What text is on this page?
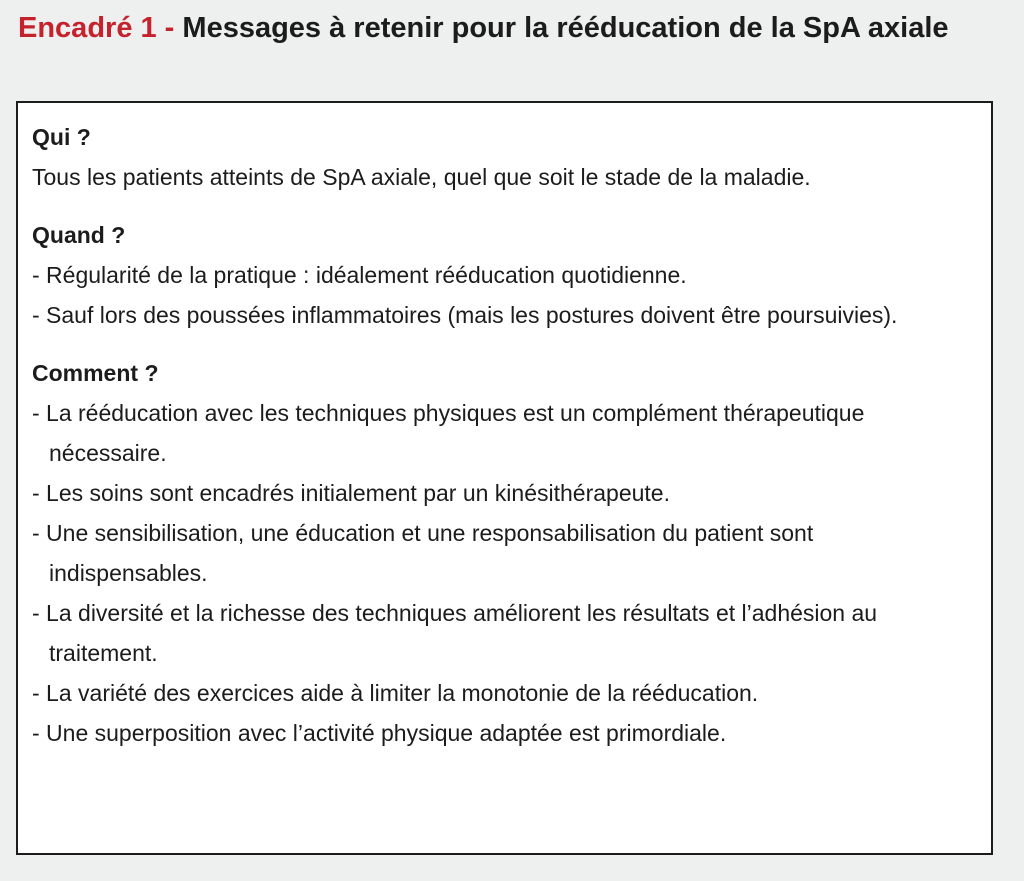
Encadré 1 - Messages à retenir pour la rééducation de la SpA axiale

Qui ?

Tous les patients atteints de SpA axiale, quel que soit le stade de la maladie.

Quand ?

- Régularité de la pratique : idéalement rééducation quotidienne.
- Sauf lors des poussées inflammatoires (mais les postures doivent être poursuivies).

Comment ?

- La rééducation avec les techniques physiques est un complément thérapeutique nécessaire.
- Les soins sont encadrés initialement par un kinésithérapeute.
- Une sensibilisation, une éducation et une responsabilisation du patient sont indispensables.
- La diversité et la richesse des techniques améliorent les résultats et l’adhésion au traitement.
- La variété des exercices aide à limiter la monotonie de la rééducation.
- Une superposition avec l’activité physique adaptée est primordiale.
